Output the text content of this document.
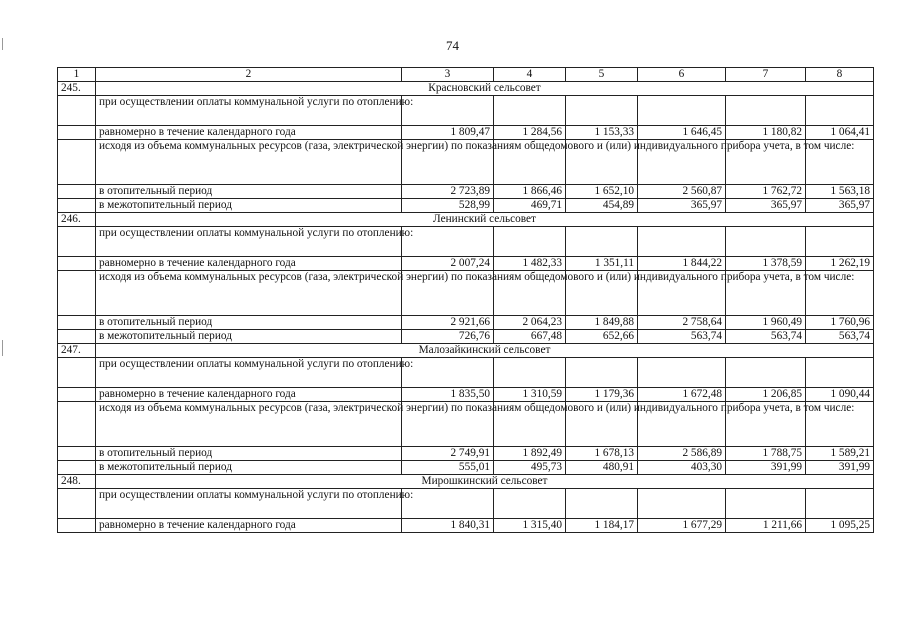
74
1	2	3	4	5	6	7	8
245.	Красновский сельсовет						
	при осуществлении оплаты коммунальной услуги по отоплению:						
	равномерно в течение календарного года	1 809,47	1 284,56	1 153,33	1 646,45	1 180,82	1 064,41
	исходя из объема коммунальных ресурсов (газа, электрической энергии) по показаниям общедомового и (или) индивидуального прибора учета, в том числе:						
	в отопительный период	2 723,89	1 866,46	1 652,10	2 560,87	1 762,72	1 563,18
	в межотопительный период	528,99	469,71	454,89	365,97	365,97	365,97
246.	Ленинский сельсовет						
	при осуществлении оплаты коммунальной услуги по отоплению:						
	равномерно в течение календарного года	2 007,24	1 482,33	1 351,11	1 844,22	1 378,59	1 262,19
	исходя из объема коммунальных ресурсов (газа, электрической энергии) по показаниям общедомового и (или) индивидуального прибора учета, в том числе:						
	в отопительный период	2 921,66	2 064,23	1 849,88	2 758,64	1 960,49	1 760,96
	в межотопительный период	726,76	667,48	652,66	563,74	563,74	563,74
247.	Малозайкинский сельсовет						
	при осуществлении оплаты коммунальной услуги по отоплению:						
	равномерно в течение календарного года	1 835,50	1 310,59	1 179,36	1 672,48	1 206,85	1 090,44
	исходя из объема коммунальных ресурсов (газа, электрической энергии) по показаниям общедомового и (или) индивидуального прибора учета, в том числе:						
	в отопительный период	2 749,91	1 892,49	1 678,13	2 586,89	1 788,75	1 589,21
	в межотопительный период	555,01	495,73	480,91	403,30	391,99	391,99
248.	Мирошкинский сельсовет						
	при осуществлении оплаты коммунальной услуги по отоплению:						
	равномерно в течение календарного года	1 840,31	1 315,40	1 184,17	1 677,29	1 211,66	1 095,25
